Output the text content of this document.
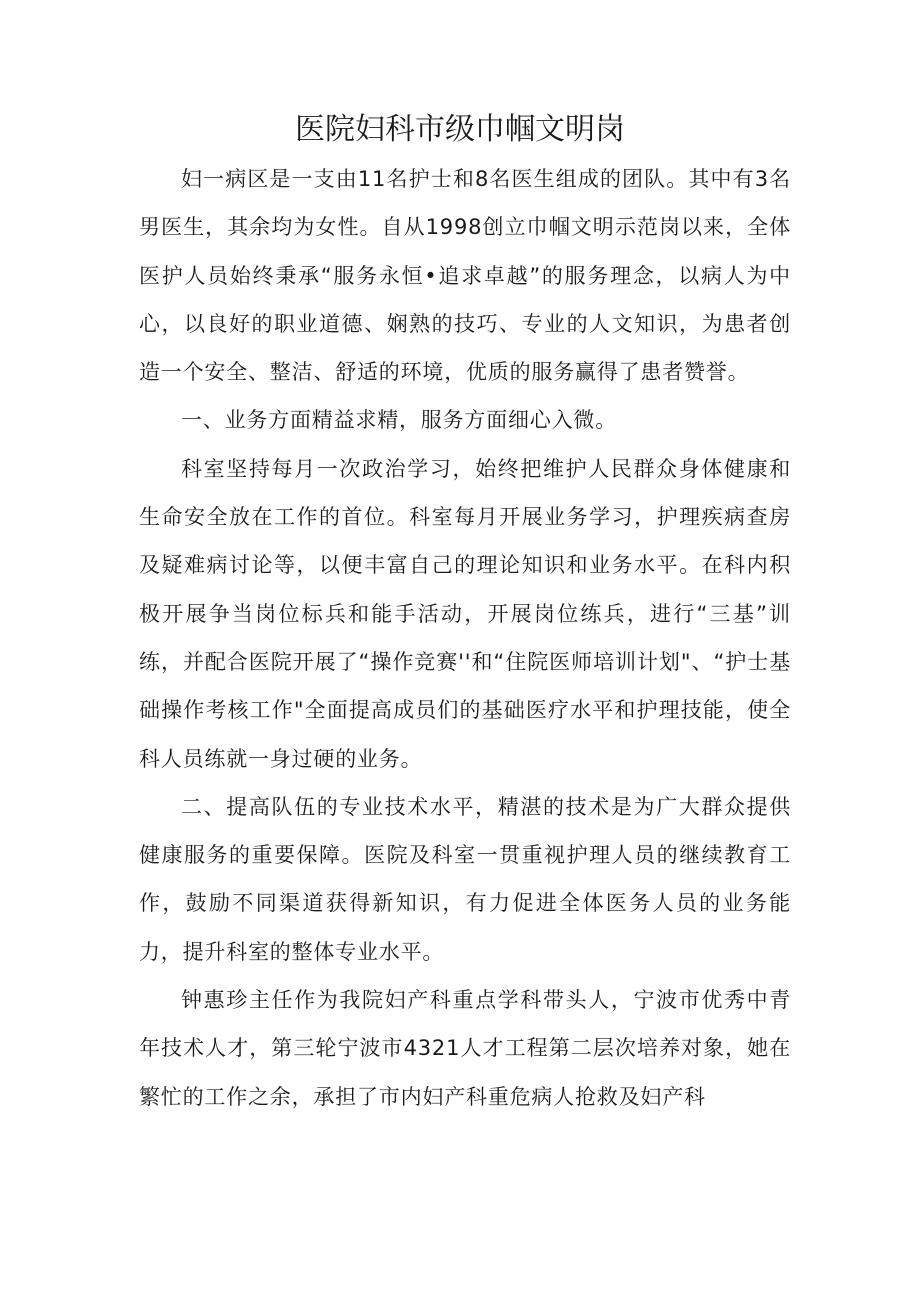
医院妇科市级巾帼文明岗

妇一病区是一支由11名护士和8名医生组成的团队。其中有3名男医生，其余均为女性。自从1998创立巾帼文明示范岗以来，全体医护人员始终秉承“服务永恒•追求卓越”的服务理念，以病人为中心，以良好的职业道德、娴熟的技巧、专业的人文知识，为患者创造一个安全、整洁、舒适的环境，优质的服务赢得了患者赞誉。

一、业务方面精益求精，服务方面细心入微。

科室坚持每月一次政治学习，始终把维护人民群众身体健康和生命安全放在工作的首位。科室每月开展业务学习，护理疾病查房及疑难病讨论等，以便丰富自己的理论知识和业务水平。在科内积极开展争当岗位标兵和能手活动，开展岗位练兵，进行“三基”训练，并配合医院开展了“操作竞赛''和“住院医师培训计划"、“护士基础操作考核工作"全面提高成员们的基础医疗水平和护理技能，使全科人员练就一身过硬的业务。

二、提高队伍的专业技术水平，精湛的技术是为广大群众提供健康服务的重要保障。医院及科室一贯重视护理人员的继续教育工作，鼓励不同渠道获得新知识，有力促进全体医务人员的业务能力，提升科室的整体专业水平。

钟惠珍主任作为我院妇产科重点学科带头人，宁波市优秀中青年技术人才，第三轮宁波市4321人才工程第二层次培养对象，她在繁忙的工作之余，承担了市内妇产科重危病人抢救及妇产科
